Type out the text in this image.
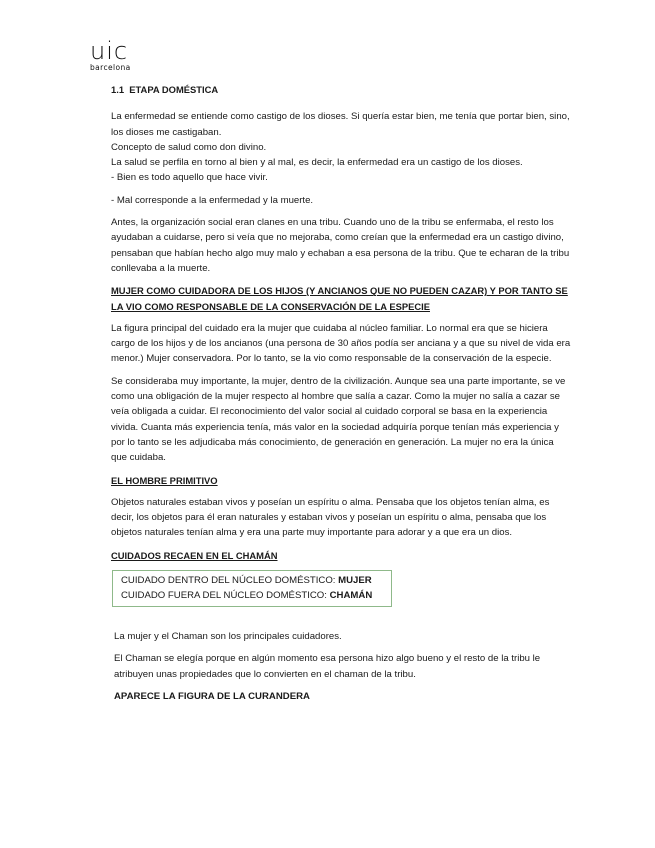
uic
barcelona

1.1 ETAPA DOMÉSTICA

La enfermedad se entiende como castigo de los dioses. Si quería estar bien, me tenía que portar bien, sino, los dioses me castigaban.

Concepto de salud como don divino.

La salud se perfila en torno al bien y al mal, es decir, la enfermedad era un castigo de los dioses.

- Bien es todo aquello que hace vivir.

- Mal corresponde a la enfermedad y la muerte.

Antes, la organización social eran clanes en una tribu. Cuando uno de la tribu se enfermaba, el resto los ayudaban a cuidarse, pero si veía que no mejoraba, como creían que la enfermedad era un castigo divino, pensaban que habían hecho algo muy malo y echaban a esa persona de la tribu. Que te echaran de la tribu conllevaba a la muerte.

MUJER COMO CUIDADORA DE LOS HIJOS (Y ANCIANOS QUE NO PUEDEN CAZAR) Y POR TANTO SE LA VIO COMO RESPONSABLE DE LA CONSERVACIÓN DE LA ESPECIE

La figura principal del cuidado era la mujer que cuidaba al núcleo familiar. Lo normal era que se hiciera cargo de los hijos y de los ancianos (una persona de 30 años podía ser anciana y a que su nivel de vida era menor.) Mujer conservadora. Por lo tanto, se la vio como responsable de la conservación de la especie.

Se consideraba muy importante, la mujer, dentro de la civilización. Aunque sea una parte importante, se ve como una obligación de la mujer respecto al hombre que salía a cazar. Como la mujer no salía a cazar se veía obligada a cuidar. El reconocimiento del valor social al cuidado corporal se basa en la experiencia vivida. Cuanta más experiencia tenía, más valor en la sociedad adquiría porque tenían más experiencia y por lo tanto se les adjudicaba más conocimiento, de generación en generación. La mujer no era la única que cuidaba.

EL HOMBRE PRIMITIVO

Objetos naturales estaban vivos y poseían un espíritu o alma. Pensaba que los objetos tenían alma, es decir, los objetos para él eran naturales y estaban vivos y poseían un espíritu o alma, pensaba que los objetos naturales tenían alma y era una parte muy importante para adorar y a que era un dios.

CUIDADOS RECAEN EN EL CHAMÁN

CUIDADO DENTRO DEL NÚCLEO DOMÉSTICO: MUJER
CUIDADO FUERA DEL NÚCLEO DOMÉSTICO: CHAMÁN

La mujer y el Chaman son los principales cuidadores.

El Chaman se elegía porque en algún momento esa persona hizo algo bueno y el resto de la tribu le atribuyen unas propiedades que lo convierten en el chaman de la tribu.

APARECE LA FIGURA DE LA CURANDERA
